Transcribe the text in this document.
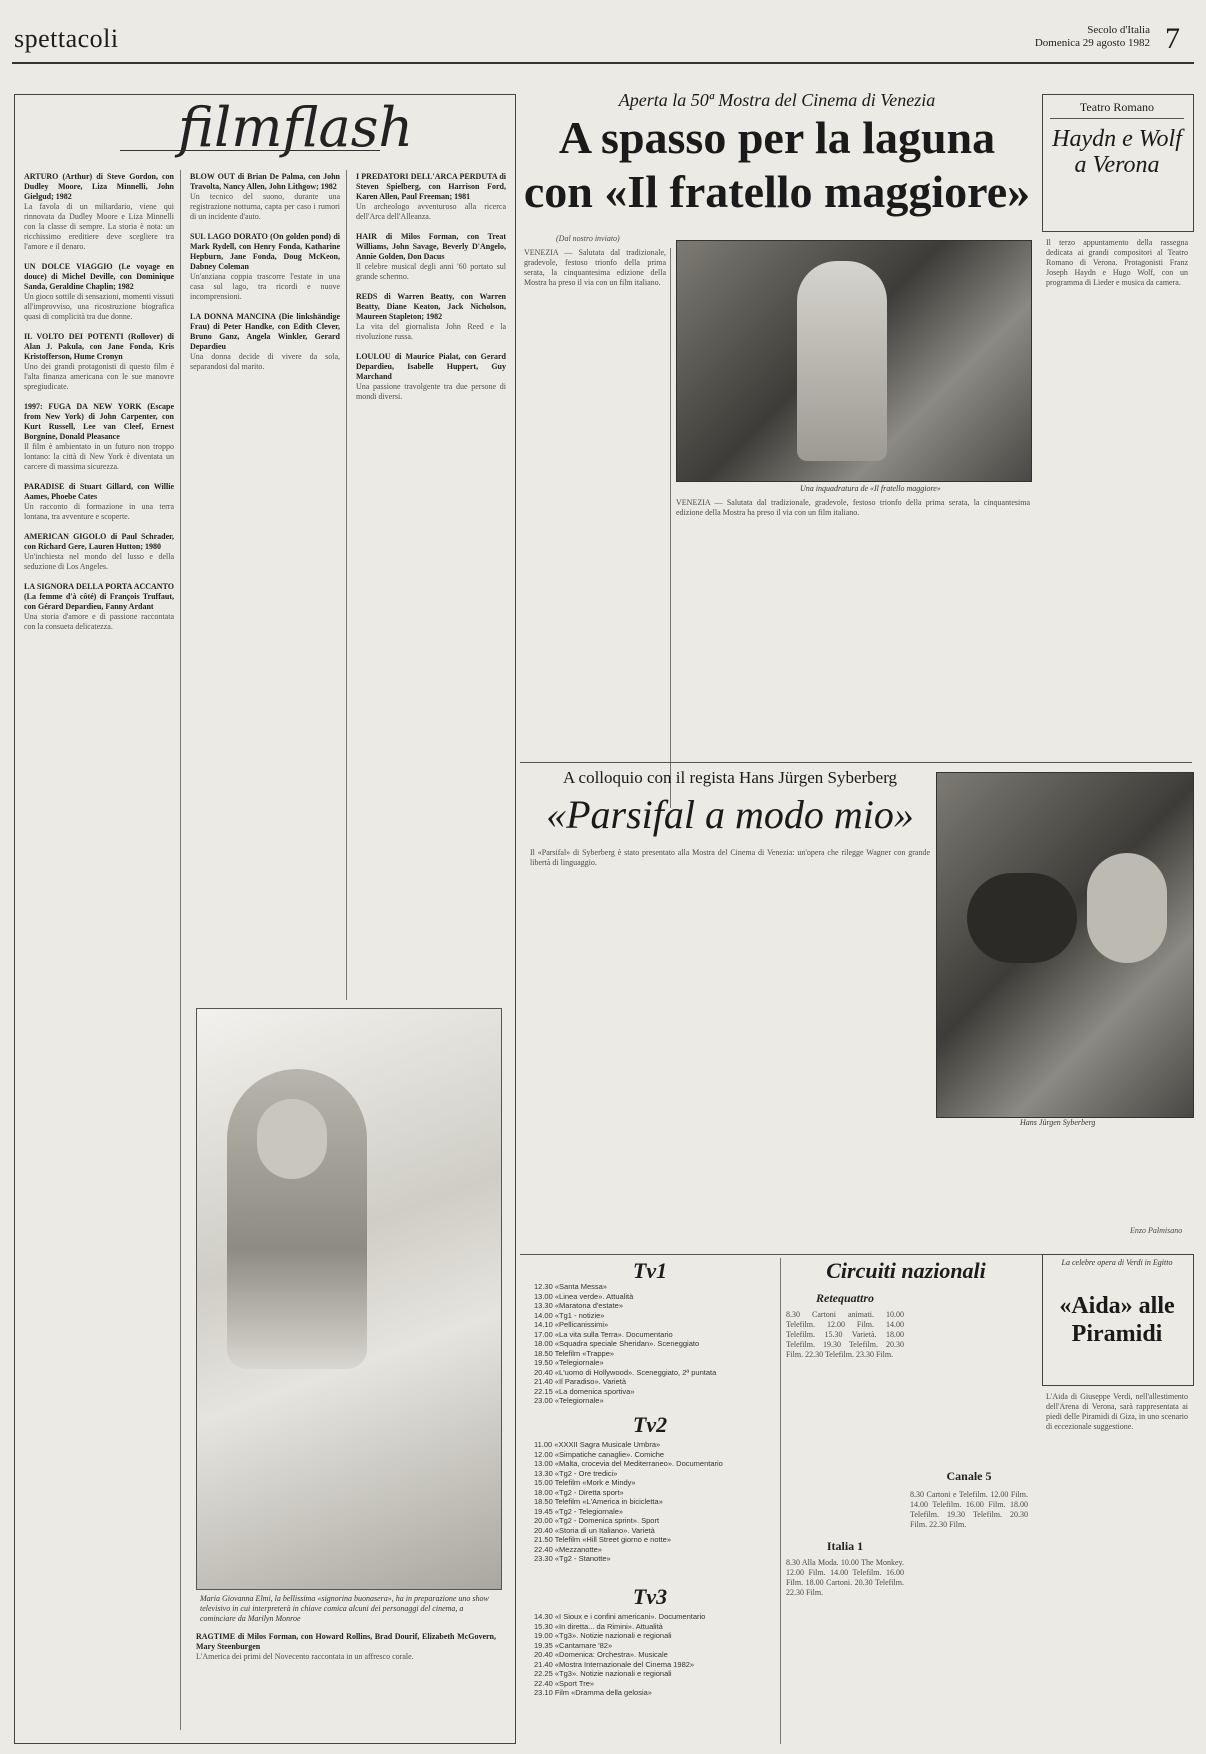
spettacoli	Secolo d'Italia
Domenica 29 agosto 1982 7
filmflash
ARTURO (Arthur) di Steve Gordon, con Dudley Moore, Liza Minnelli, John Gielgud; 1982
La favola di un miliardario, viene qui rinnovata da Dudley Moore e Liza Minnelli con la classe di sempre. La storia è nota: un ricchissimo ereditiere deve scegliere tra l'amore e il denaro.

UN DOLCE VIAGGIO (Le voyage en douce) di Michel Deville, con Dominique Sanda, Geraldine Chaplin; 1982
Un gioco sottile di sensazioni, momenti vissuti all'improvviso, una ricostruzione biografica quasi di complicità tra due donne.

IL VOLTO DEI POTENTI (Rollover) di Alan J. Pakula, con Jane Fonda, Kris Kristofferson, Hume Cronyn
Uno dei grandi protagonisti di questo film è l'alta finanza americana con le sue manovre spregiudicate.

1997: FUGA DA NEW YORK (Escape from New York) di John Carpenter, con Kurt Russell, Lee van Cleef, Ernest Borgnine, Donald Pleasance
Il film è ambientato in un futuro non troppo lontano: la città di New York è diventata un carcere di massima sicurezza.

PARADISE di Stuart Gillard, con Willie Aames, Phoebe Cates
Un racconto di formazione in una terra lontana, tra avventure e scoperte.

AMERICAN GIGOLO di Paul Schrader, con Richard Gere, Lauren Hutton; 1980
Un'inchiesta nel mondo del lusso e della seduzione di Los Angeles.

LA SIGNORA DELLA PORTA ACCANTO (La femme d'à côté) di François Truffaut, con Gérard Depardieu, Fanny Ardant
Una storia d'amore e di passione raccontata con la consueta delicatezza.
BLOW OUT di Brian De Palma, con John Travolta, Nancy Allen, John Lithgow; 1982
Un tecnico del suono, durante una registrazione notturna, capta per caso i rumori di un incidente d'auto.

SUL LAGO DORATO (On golden pond) di Mark Rydell, con Henry Fonda, Katharine Hepburn, Jane Fonda, Doug McKeon, Dabney Coleman
Un'anziana coppia trascorre l'estate in una casa sul lago, tra ricordi e nuove incomprensioni.

LA DONNA MANCINA (Die linkshändige Frau) di Peter Handke, con Edith Clever, Bruno Ganz, Angela Winkler, Gerard Depardieu
Una donna decide di vivere da sola, separandosi dal marito.
I PREDATORI DELL'ARCA PERDUTA di Steven Spielberg, con Harrison Ford, Karen Allen, Paul Freeman; 1981
Un archeologo avventuroso alla ricerca dell'Arca dell'Alleanza.

HAIR di Milos Forman, con Treat Williams, John Savage, Beverly D'Angelo, Annie Golden, Don Dacus
Il celebre musical degli anni '60 portato sul grande schermo.

REDS di Warren Beatty, con Warren Beatty, Diane Keaton, Jack Nicholson, Maureen Stapleton; 1982
La vita del giornalista John Reed e la rivoluzione russa.

LOULOU di Maurice Pialat, con Gerard Depardieu, Isabelle Huppert, Guy Marchand
Una passione travolgente tra due persone di mondi diversi.
Maria Giovanna Elmi, la bellissima «signorina buonasera», ha in preparazione uno show televisivo in cui interpreterà in chiave comica alcuni dei personaggi del cinema, a cominciare da Marilyn Monroe
RAGTIME di Milos Forman, con Howard Rollins, Brad Dourif, Elizabeth McGovern, Mary Steenburgen
L'America dei primi del Novecento raccontata in un affresco corale.
Aperta la 50ª Mostra del Cinema di Venezia
A spasso per la laguna
con «Il fratello maggiore»
(Dal nostro inviato)
VENEZIA — Salutata dal tradizionale, gradevole, festoso trionfo della prima serata, la cinquantesima edizione della Mostra ha preso il via con un film italiano.
Una inquadratura de «Il fratello maggiore»
VENEZIA — Salutata dal tradizionale, gradevole, festoso trionfo della prima serata, la cinquantesima edizione della Mostra ha preso il via con un film italiano.
Teatro Romano
Haydn e Wolf a Verona
Il terzo appuntamento della rassegna dedicata ai grandi compositori al Teatro Romano di Verona. Protagonisti Franz Joseph Haydn e Hugo Wolf, con un programma di Lieder e musica da camera.
A colloquio con il regista Hans Jürgen Syberberg
«Parsifal a modo mio»
Il «Parsifal» di Syberberg è stato presentato alla Mostra del Cinema di Venezia: un'opera che rilegge Wagner con grande libertà di linguaggio.
Hans Jürgen Syberberg
Enzo Palmisano
Tv1
12.30 «Santa Messa»
13.00 «Linea verde». Attualità
13.30 «Maratona d'estate»
14.00 «Tg1 - notizie»
14.10 «Pellicanissimi»
17.00 «La vita sulla Terra». Documentario
18.00 «Squadra speciale Sheridan». Sceneggiato
18.50 Telefilm «Trappe»
19.50 «Telegiornale»
20.40 «L'uomo di Hollywood». Sceneggiato, 2ª puntata
21.40 «Il Paradiso». Varietà
22.15 «La domenica sportiva»
23.00 «Telegiornale»
Tv2
11.00 «XXXII Sagra Musicale Umbra»
12.00 «Simpatiche canaglie». Comiche
13.00 «Malta, crocevia del Mediterraneo». Documentario
13.30 «Tg2 - Ore tredici»
15.00 Telefilm «Mork e Mindy»
18.00 «Tg2 - Diretta sport»
18.50 Telefilm «L'America in bicicletta»
19.45 «Tg2 - Telegiornale»
20.00 «Tg2 - Domenica sprint». Sport
20.40 «Storia di un Italiano». Varietà
21.50 Telefilm «Hill Street giorno e notte»
22.40 «Mezzanotte»
23.30 «Tg2 - Stanotte»
Tv3
14.30 «I Sioux e i confini americani». Documentario
15.30 «In diretta... da Rimini». Attualità
19.00 «Tg3». Notizie nazionali e regionali
19.35 «Cantamare '82»
20.40 «Domenica: Orchestra». Musicale
21.40 «Mostra Internazionale del Cinema 1982»
22.25 «Tg3». Notizie nazionali e regionali
22.40 «Sport Tre»
23.10 Film «Dramma della gelosia»
Circuiti nazionali
Retequattro
8.30 Cartoni animati. 10.00 Telefilm. 12.00 Film. 14.00 Telefilm. 15.30 Varietà. 18.00 Telefilm. 19.30 Telefilm. 20.30 Film. 22.30 Telefilm. 23.30 Film.
Italia 1
8.30 Alla Moda. 10.00 The Monkey. 12.00 Film. 14.00 Telefilm. 16.00 Film. 18.00 Cartoni. 20.30 Telefilm. 22.30 Film.
Canale 5
8.30 Cartoni e Telefilm. 12.00 Film. 14.00 Telefilm. 16.00 Film. 18.00 Telefilm. 19.30 Telefilm. 20.30 Film. 22.30 Film.
La celebre opera di Verdi in Egitto
«Aida» alle Piramidi
L'Aida di Giuseppe Verdi, nell'allestimento dell'Arena di Verona, sarà rappresentata ai piedi delle Piramidi di Giza, in uno scenario di eccezionale suggestione.
